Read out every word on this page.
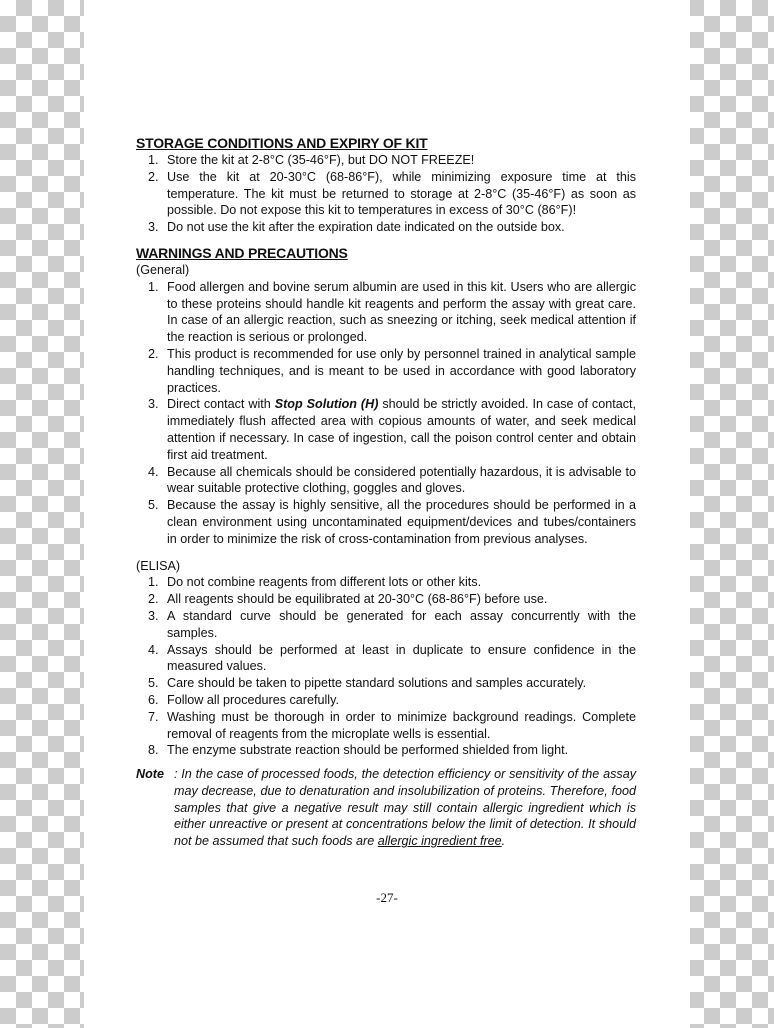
STORAGE CONDITIONS AND EXPIRY OF KIT
1. Store the kit at 2-8°C (35-46°F), but DO NOT FREEZE!
2. Use the kit at 20-30°C (68-86°F), while minimizing exposure time at this temperature. The kit must be returned to storage at 2-8°C (35-46°F) as soon as possible. Do not expose this kit to temperatures in excess of 30°C (86°F)!
3. Do not use the kit after the expiration date indicated on the outside box.
WARNINGS AND PRECAUTIONS

(General)

1. Food allergen and bovine serum albumin are used in this kit. Users who are allergic to these proteins should handle kit reagents and perform the assay with great care. In case of an allergic reaction, such as sneezing or itching, seek medical attention if the reaction is serious or prolonged.
2. This product is recommended for use only by personnel trained in analytical sample handling techniques, and is meant to be used in accordance with good laboratory practices.
3. Direct contact with Stop Solution (H) should be strictly avoided. In case of contact, immediately flush affected area with copious amounts of water, and seek medical attention if necessary. In case of ingestion, call the poison control center and obtain first aid treatment.
4. Because all chemicals should be considered potentially hazardous, it is advisable to wear suitable protective clothing, goggles and gloves.
5. Because the assay is highly sensitive, all the procedures should be performed in a clean environment using uncontaminated equipment/devices and tubes/containers in order to minimize the risk of cross-contamination from previous analyses.

(ELISA)

1. Do not combine reagents from different lots or other kits.
2. All reagents should be equilibrated at 20-30°C (68-86°F) before use.
3. A standard curve should be generated for each assay concurrently with the samples.
4. Assays should be performed at least in duplicate to ensure confidence in the measured values.
5. Care should be taken to pipette standard solutions and samples accurately.
6. Follow all procedures carefully.
7. Washing must be thorough in order to minimize background readings. Complete removal of reagents from the microplate wells is essential.
8. The enzyme substrate reaction should be performed shielded from light.
Note : In the case of processed foods, the detection efficiency or sensitivity of the assay may decrease, due to denaturation and insolubilization of proteins. Therefore, food samples that give a negative result may still contain allergic ingredient which is either unreactive or present at concentrations below the limit of detection. It should not be assumed that such foods are allergic ingredient free.
-27-
